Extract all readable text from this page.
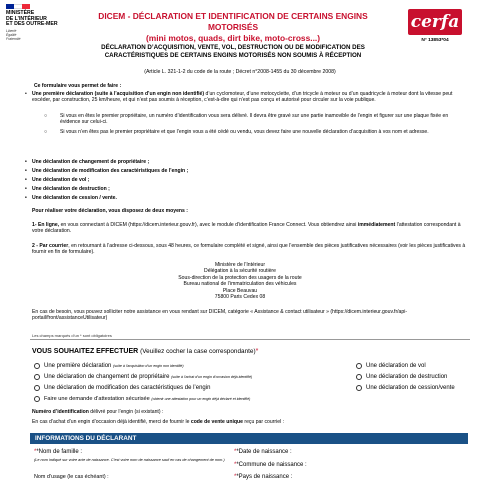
MINISTÈRE
DE L’INTÉRIEUR
ET DES OUTRE-MER
Liberté
Égalité
Fraternité
DICEM - DÉCLARATION ET IDENTIFICATION DE CERTAINS ENGINS MOTORISÉS
(mini motos, quads, dirt bike, moto-cross...)
cerfa
N° 13853*04
DÉCLARATION D’ACQUISITION, VENTE, VOL, DESTRUCTION OU DE MODIFICATION DES
CARACTÉRISTIQUES DE CERTAINS ENGINS MOTORISÉS NON SOUMIS À RÉCEPTION
(Article L. 321-1-2 du code de la route ; Décret n°2008-1455 du 30 décembre 2008)
Ce formulaire vous permet de faire :
• Une première déclaration (suite à l’acquisition d’un engin non identifié) d’un cyclomoteur, d’une motocyclette, d’un tricycle à moteur ou d’un quadricycle à moteur dont la vitesse peut excéder, par construction, 25 km/heure, et qui n’est pas soumis à réception, c’est-à-dire qui n’est pas conçu et autorisé pour circuler sur la voie publique.
○	Si vous en êtes le premier propriétaire, un numéro d’identification vous sera délivré. Il devra être gravé sur une partie inamovible de l’engin et figurer sur une plaque fixée en évidence sur celui-ci.
○	Si vous n’en êtes pas le premier propriétaire et que l’engin vous a été cédé ou vendu, vous devez faire une nouvelle déclaration d’acquisition à vos nom et adresse.
• Une déclaration de changement de propriétaire ;
• Une déclaration de modification des caractéristiques de l’engin ;
• Une déclaration de vol ;
• Une déclaration de destruction ;
• Une déclaration de cession / vente.
Pour réaliser votre déclaration, vous disposez de deux moyens :
1- En ligne, en vous connectant à DICEM (https://dicem.interieur.gouv.fr), avec le module d’identification France Connect. Vous obtiendrez ainsi immédiatement l’attestation correspondant à votre déclaration.
2 - Par courrier, en retournant à l’adresse ci-dessous, sous 48 heures, ce formulaire complété et signé, ainsi que l’ensemble des pièces justificatives nécessaires (voir les pièces justificatives à fournir en fin de formulaire).
Ministère de l’Intérieur
Délégation à la sécurité routière
Sous-direction de la protection des usagers de la route
Bureau national de l’immatriculation des véhicules
Place Beauvau
75800 Paris Cedex 08
En cas de besoin, vous pouvez solliciter notre assistance en vous rendant sur DICEM, catégorie « Assistance & contact utilisateur » (https://dicem.interieur.gouv.fr/api-portail/front/assistanceUtilisateur)
Les champs marqués d’un * sont obligatoires
VOUS SOUHAITEZ EFFECTUER (Veuillez cocher la case correspondante)*
Une première déclaration (suite à l’acquisition d’un engin non identifié)
Une déclaration de changement de propriétaire (suite à l’achat d’un engin d’occasion déjà identifié)
Une déclaration de modification des caractéristiques de l’engin
Faire une demande d’attestation sécurisée (obtenir une attestation pour un engin déjà déclaré et identifié)
Une déclaration de vol
Une déclaration de destruction
Une déclaration de cession/vente
Numéro d’identification délivré pour l’engin (si existant) :
En cas d’achat d’un engin d’occasion déjà identifié, merci de fournir le code de vente unique reçu par courriel :
INFORMATIONS DU DÉCLARANT
**Nom de famille :
(Le nom indiqué sur votre acte de naissance. C’est votre nom de naissance sauf en cas de changement de nom.)
Nom d’usage (le cas échéant) :
**Date de naissance :
**Commune de naissance :
**Pays de naissance :
